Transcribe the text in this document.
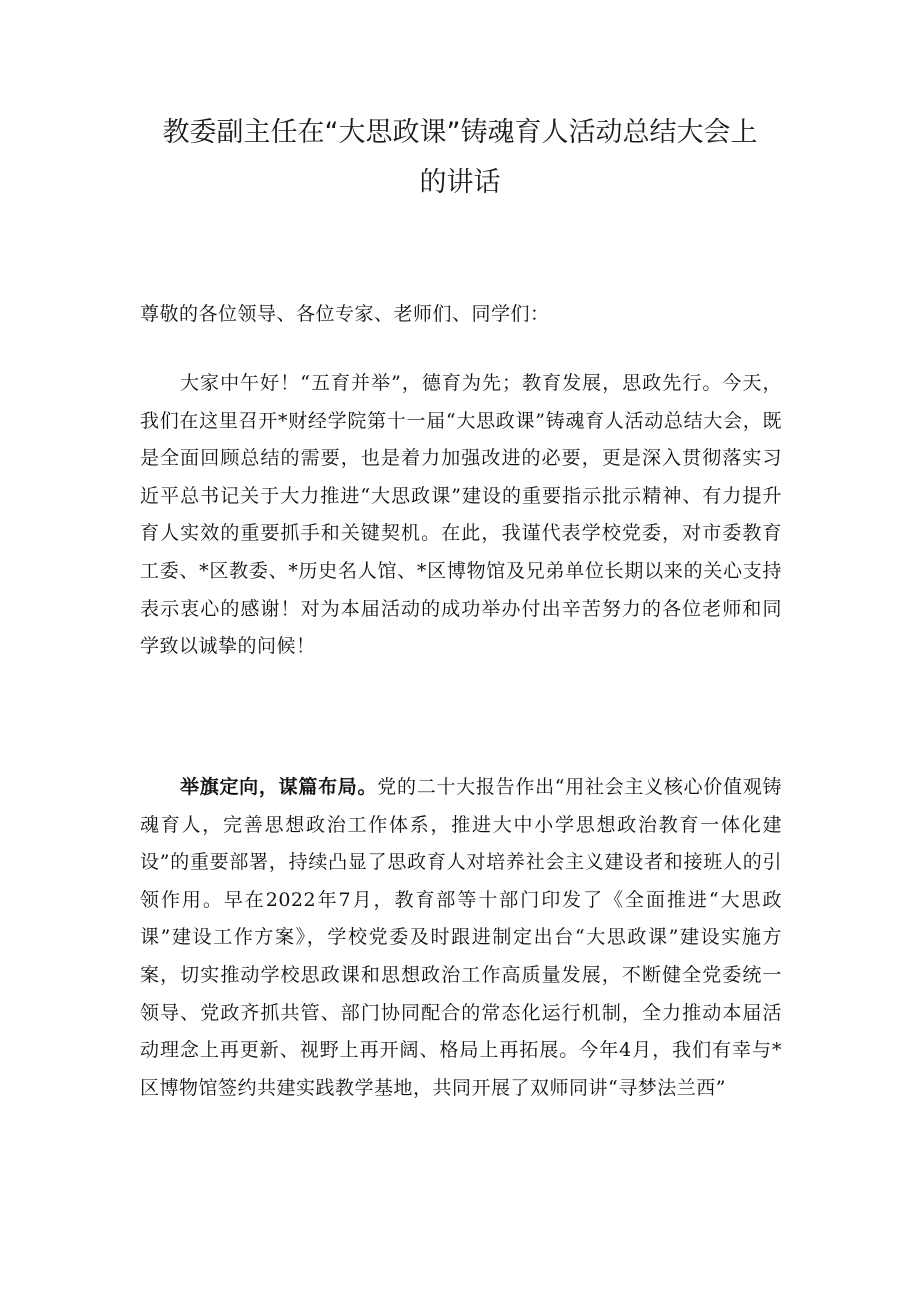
教委副主任在“大思政课”铸魂育人活动总结大会上
的讲话
尊敬的各位领导、各位专家、老师们、同学们：
大家中午好！“五育并举”，德育为先；教育发展，思政先行。今天，我们在这里召开*财经学院第十一届“大思政课”铸魂育人活动总结大会，既是全面回顾总结的需要，也是着力加强改进的必要，更是深入贯彻落实习近平总书记关于大力推进“大思政课”建设的重要指示批示精神、有力提升育人实效的重要抓手和关键契机。在此，我谨代表学校党委，对市委教育工委、*区教委、*历史名人馆、*区博物馆及兄弟单位长期以来的关心支持表示衷心的感谢！对为本届活动的成功举办付出辛苦努力的各位老师和同学致以诚挚的问候！
举旗定向，谋篇布局。党的二十大报告作出“用社会主义核心价值观铸魂育人，完善思想政治工作体系，推进大中小学思想政治教育一体化建设”的重要部署，持续凸显了思政育人对培养社会主义建设者和接班人的引领作用。早在2022年7月，教育部等十部门印发了《全面推进“大思政课”建设工作方案》，学校党委及时跟进制定出台“大思政课”建设实施方案，切实推动学校思政课和思想政治工作高质量发展，不断健全党委统一领导、党政齐抓共管、部门协同配合的常态化运行机制，全力推动本届活动理念上再更新、视野上再开阔、格局上再拓展。今年4月，我们有幸与*区博物馆签约共建实践教学基地，共同开展了双师同讲“寻梦法兰西”
